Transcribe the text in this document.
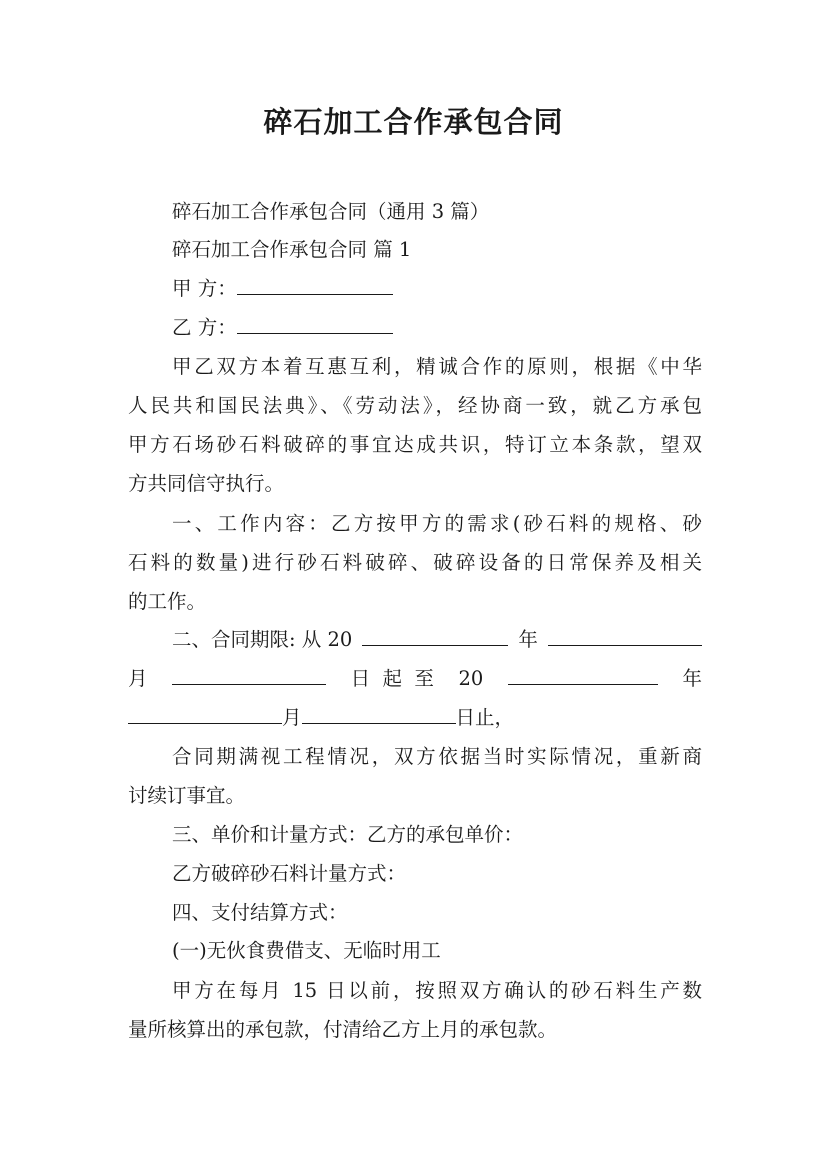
碎石加工合作承包合同
碎石加工合作承包合同（通用 3 篇）
碎石加工合作承包合同 篇 1
甲 方：
乙 方：
甲乙双方本着互惠互利，精诚合作的原则，根据《中华
人民共和国民法典》、《劳动法》，经协商一致，就乙方承包
甲方石场砂石料破碎的事宜达成共识，特订立本条款，望双
方共同信守执行。
一、工作内容：乙方按甲方的需求(砂石料的规格、砂
石料的数量)进行砂石料破碎、破碎设备的日常保养及相关
的工作。
二、合同期限: 从 20	年
月	日  起  至 20	年
月	日止，
合同期满视工程情况，双方依据当时实际情况，重新商
讨续订事宜。
三、单价和计量方式：乙方的承包单价：
乙方破碎砂石料计量方式：
四、支付结算方式：
(一)无伙食费借支、无临时用工
甲方在每月 15 日以前，按照双方确认的砂石料生产数
量所核算出的承包款，付清给乙方上月的承包款。
